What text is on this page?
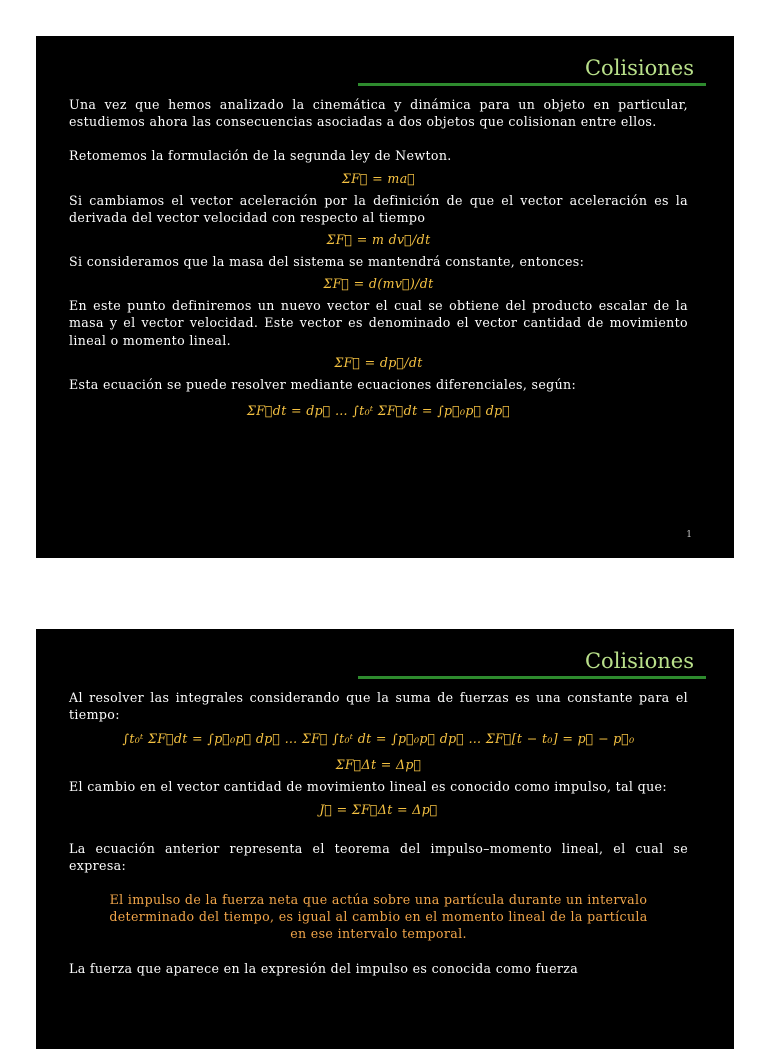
Colisiones

Una vez que hemos analizado la cinemática y dinámica para un objeto en particular, estudiemos ahora las consecuencias asociadas a dos objetos que colisionan entre ellos.

Retomemos la formulación de la segunda ley de Newton.

ΣF⃗ = ma⃗

Si cambiamos el vector aceleración por la definición de que el vector aceleración es la derivada del vector velocidad con respecto al tiempo

ΣF⃗ = m dv⃗/dt

Si consideramos que la masa del sistema se mantendrá constante, entonces:

ΣF⃗ = d(mv⃗)/dt

En este punto definiremos un nuevo vector el cual se obtiene del producto escalar de la masa y el vector velocidad. Este vector es denominado el vector cantidad de movimiento lineal o momento lineal.

ΣF⃗ = dp⃗/dt

Esta ecuación se puede resolver mediante ecuaciones diferenciales, según:

ΣF⃗dt = dp⃗ … ∫t₀ᵗ ΣF⃗dt = ∫p⃗₀p⃗ dp⃗
1
Colisiones

Al resolver las integrales considerando que la suma de fuerzas es una constante para el tiempo:

∫t₀ᵗ ΣF⃗dt = ∫p⃗₀p⃗ dp⃗ … ΣF⃗ ∫t₀ᵗ dt = ∫p⃗₀p⃗ dp⃗ … ΣF⃗[t − t₀] = p⃗ − p⃗₀
ΣF⃗Δt = Δp⃗

El cambio en el vector cantidad de movimiento lineal es conocido como impulso, tal que:

J⃗ = ΣF⃗Δt = Δp⃗

La ecuación anterior representa el teorema del impulso–momento lineal, el cual se expresa:

El impulso de la fuerza neta que actúa sobre una partícula durante un intervalo determinado del tiempo, es igual al cambio en el momento lineal de la partícula en ese intervalo temporal.

La fuerza que aparece en la expresión del impulso es conocida como fuerza
